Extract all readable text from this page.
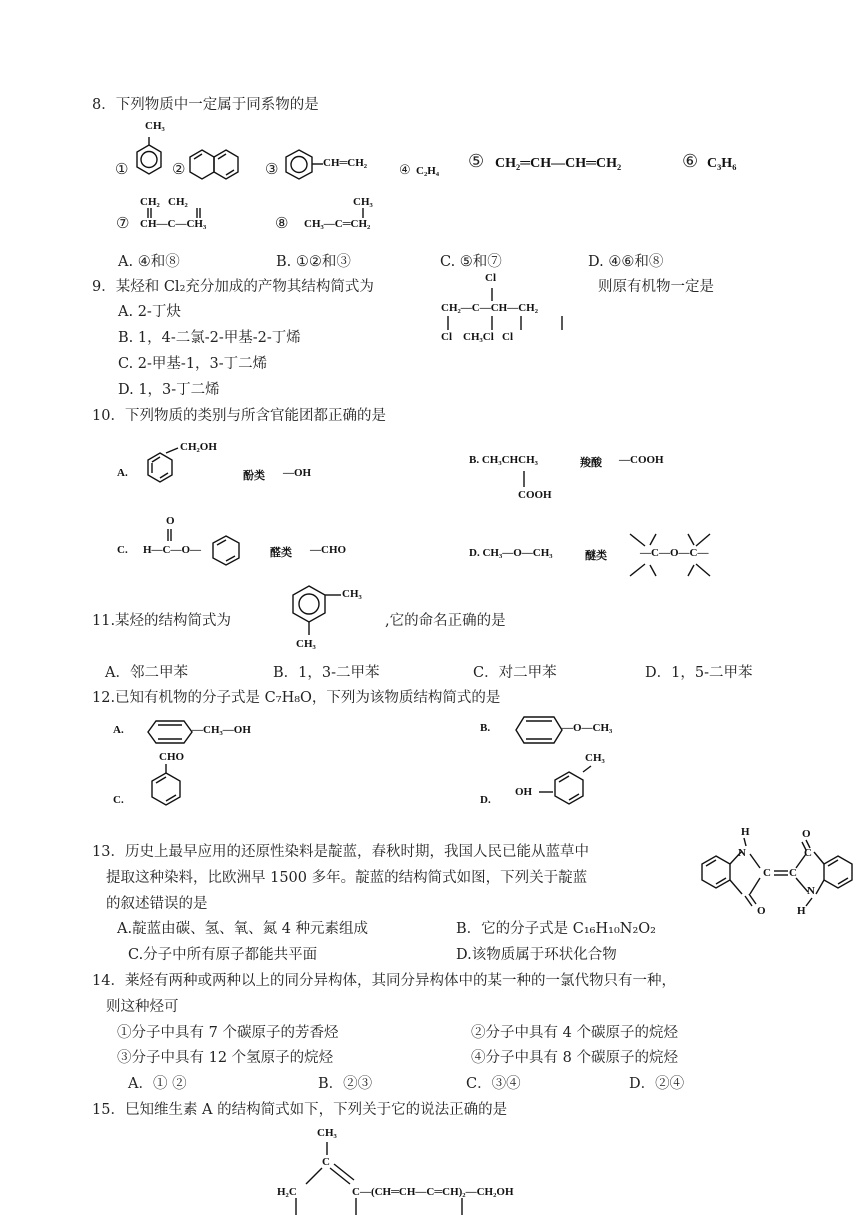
8．下列物质中一定属于同系物的是
①
CH₃
②	③	CH═CH₂ ④ C₂H₄ ⑤ CH₂═CH—CH═CH₂	⑥ C₃H₆
⑦
CH₂   CH₂
CH—C—CH₃	⑧
CH₃
CH₃—C═CH₂
A. ④和⑧	B. ①②和③	C. ⑤和⑦	D. ④⑥和⑧
9．某烃和 Cl₂充分加成的产物其结构简式为	则原有机物一定是
Cl
CH₂—C—CH—CH₂
Cl    CH₃Cl   Cl
A. 2-丁炔
B. 1，4-二氯-2-甲基-2-丁烯
C. 2-甲基-1，3-丁二烯
D. 1，3-丁二烯
10．下列物质的类别与所含官能团都正确的是
A.
CH₂OH
酚类 —OH
B. CH₃CHCH₃
COOH
羧酸 —COOH
C.
O
H—C—O—	醛类 —CHO	D. CH₃—O—CH₃	醚类	—C—O—C—
11.某烃的结构简式为
CH₃
CH₃
,它的命名正确的是
A．邻二甲苯	B．1，3-二甲苯	C．对二甲苯	D．1，5-二甲苯
12.已知有机物的分子式是 C₇H₈O，下列为该物质结构简式的是
A.	—CH₃—OH	B.	—O—CH₃
CHO
C.
CH₃
D.
OH
13．历史上最早应用的还原性染料是靛蓝，春秋时期，我国人民已能从蓝草中
提取这种染料，比欧洲早 1500 多年。靛蓝的结构简式如图，下列关于靛蓝
的叙述错误的是
A.靛蓝由碳、氢、氧、氮 4 种元素组成	B．它的分子式是 C₁₆H₁₀N₂O₂
C.分子中所有原子都能共平面	D.该物质属于环状化合物
H
N
C C
O
O
C
N
H
14．莱烃有两种或两种以上的同分异构体，其同分异构体中的某一种的一氯代物只有一种，
则这种烃可
①分子中具有 7 个碳原子的芳香烃	②分子中具有 4 个碳原子的烷烃
③分子中具有 12 个氢原子的烷烃	④分子中具有 8 个碳原子的烷烃
A．① ②	B．②③	C．③④	D．②④
15．巳知维生素 A 的结构简式如下，下列关于它的说法正确的是
CH₃
C
H₂C	C—(CH═CH—C═CH)₂—CH₂OH
